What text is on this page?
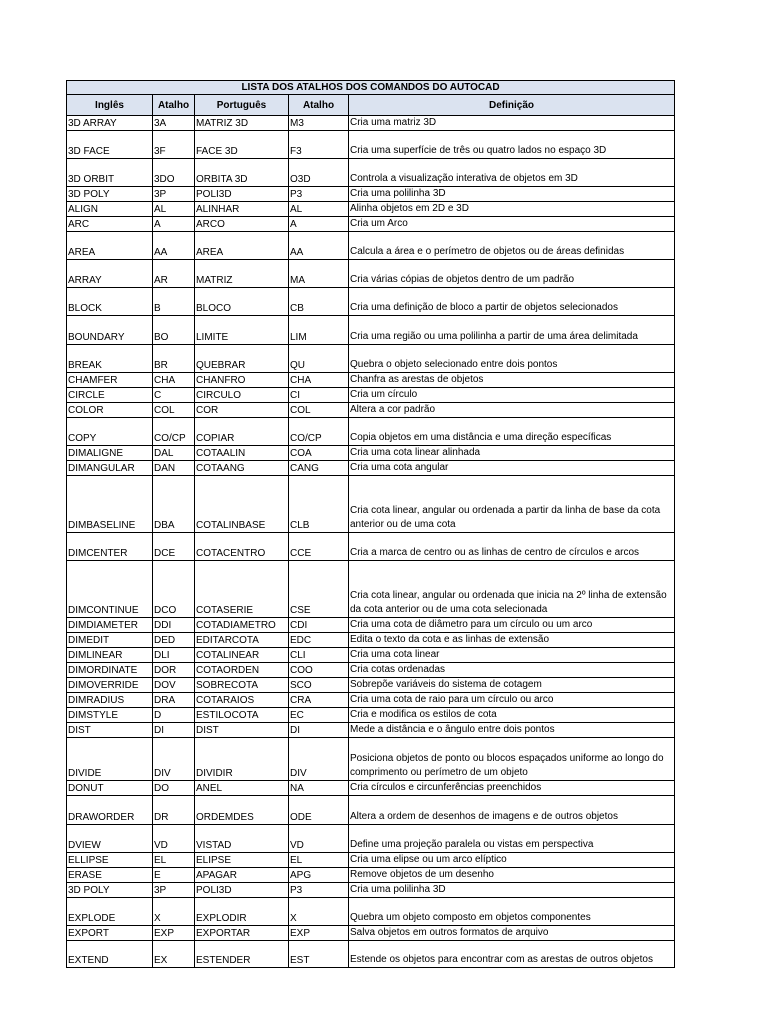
LISTA DOS ATALHOS DOS COMANDOS DO AUTOCAD				
Inglês	Atalho	Português	Atalho	Definição
3D ARRAY	3A	MATRIZ 3D	M3	Cria uma matriz 3D
3D FACE	3F	FACE 3D	F3	Cria uma superfície de três ou quatro lados no espaço 3D
3D ORBIT	3DO	ORBITA 3D	O3D	Controla a visualização interativa de objetos em 3D
3D POLY	3P	POLI3D	P3	Cria uma polilinha 3D
ALIGN	AL	ALINHAR	AL	Alinha objetos em 2D e 3D
ARC	A	ARCO	A	Cria um Arco
AREA	AA	AREA	AA	Calcula a área e o perímetro de objetos ou de áreas definidas
ARRAY	AR	MATRIZ	MA	Cria várias cópias de objetos dentro de um padrão
BLOCK	B	BLOCO	CB	Cria uma definição de bloco a partir de objetos selecionados
BOUNDARY	BO	LIMITE	LIM	Cria uma região ou uma polilinha a partir de uma área delimitada
BREAK	BR	QUEBRAR	QU	Quebra o objeto selecionado entre dois pontos
CHAMFER	CHA	CHANFRO	CHA	Chanfra as arestas de objetos
CIRCLE	C	CIRCULO	CI	Cria um círculo
COLOR	COL	COR	COL	Altera a cor padrão
COPY	CO/CP	COPIAR	CO/CP	Copia objetos em uma distância e uma direção específicas
DIMALIGNE	DAL	COTAALIN	COA	Cria uma cota linear alinhada
DIMANGULAR	DAN	COTAANG	CANG	Cria uma cota angular
DIMBASELINE	DBA	COTALINBASE	CLB	Cria cota linear, angular ou ordenada a partir da linha de base da cota anterior ou de uma cota
DIMCENTER	DCE	COTACENTRO	CCE	Cria a marca de centro ou as linhas de centro de círculos e arcos
DIMCONTINUE	DCO	COTASERIE	CSE	Cria cota linear, angular ou ordenada que inicia na 2º linha de extensão da cota anterior ou de uma cota selecionada
DIMDIAMETER	DDI	COTADIAMETRO	CDI	Cria uma cota de diâmetro para um círculo ou um arco
DIMEDIT	DED	EDITARCOTA	EDC	Edita o texto da cota e as linhas de extensão
DIMLINEAR	DLI	COTALINEAR	CLI	Cria uma cota linear
DIMORDINATE	DOR	COTAORDEN	COO	Cria cotas ordenadas
DIMOVERRIDE	DOV	SOBRECOTA	SCO	Sobrepõe variáveis do sistema de cotagem
DIMRADIUS	DRA	COTARAIOS	CRA	Cria uma cota de raio para um círculo ou arco
DIMSTYLE	D	ESTILOCOTA	EC	Cria e modifica os estilos de cota
DIST	DI	DIST	DI	Mede a distância e o ângulo entre dois pontos
DIVIDE	DIV	DIVIDIR	DIV	Posiciona objetos de ponto ou blocos espaçados uniforme ao longo do comprimento ou perímetro de um objeto
DONUT	DO	ANEL	NA	Cria círculos e circunferências preenchidos
DRAWORDER	DR	ORDEMDES	ODE	Altera a ordem de desenhos de imagens e de outros objetos
DVIEW	VD	VISTAD	VD	Define uma projeção paralela ou vistas em perspectiva
ELLIPSE	EL	ELIPSE	EL	Cria uma elipse ou um arco elíptico
ERASE	E	APAGAR	APG	Remove objetos de um desenho
3D POLY	3P	POLI3D	P3	Cria uma polilinha 3D
EXPLODE	X	EXPLODIR	X	Quebra um objeto composto em objetos componentes
EXPORT	EXP	EXPORTAR	EXP	Salva objetos em outros formatos de arquivo
EXTEND	EX	ESTENDER	EST	Estende os objetos para encontrar com as arestas de outros objetos
